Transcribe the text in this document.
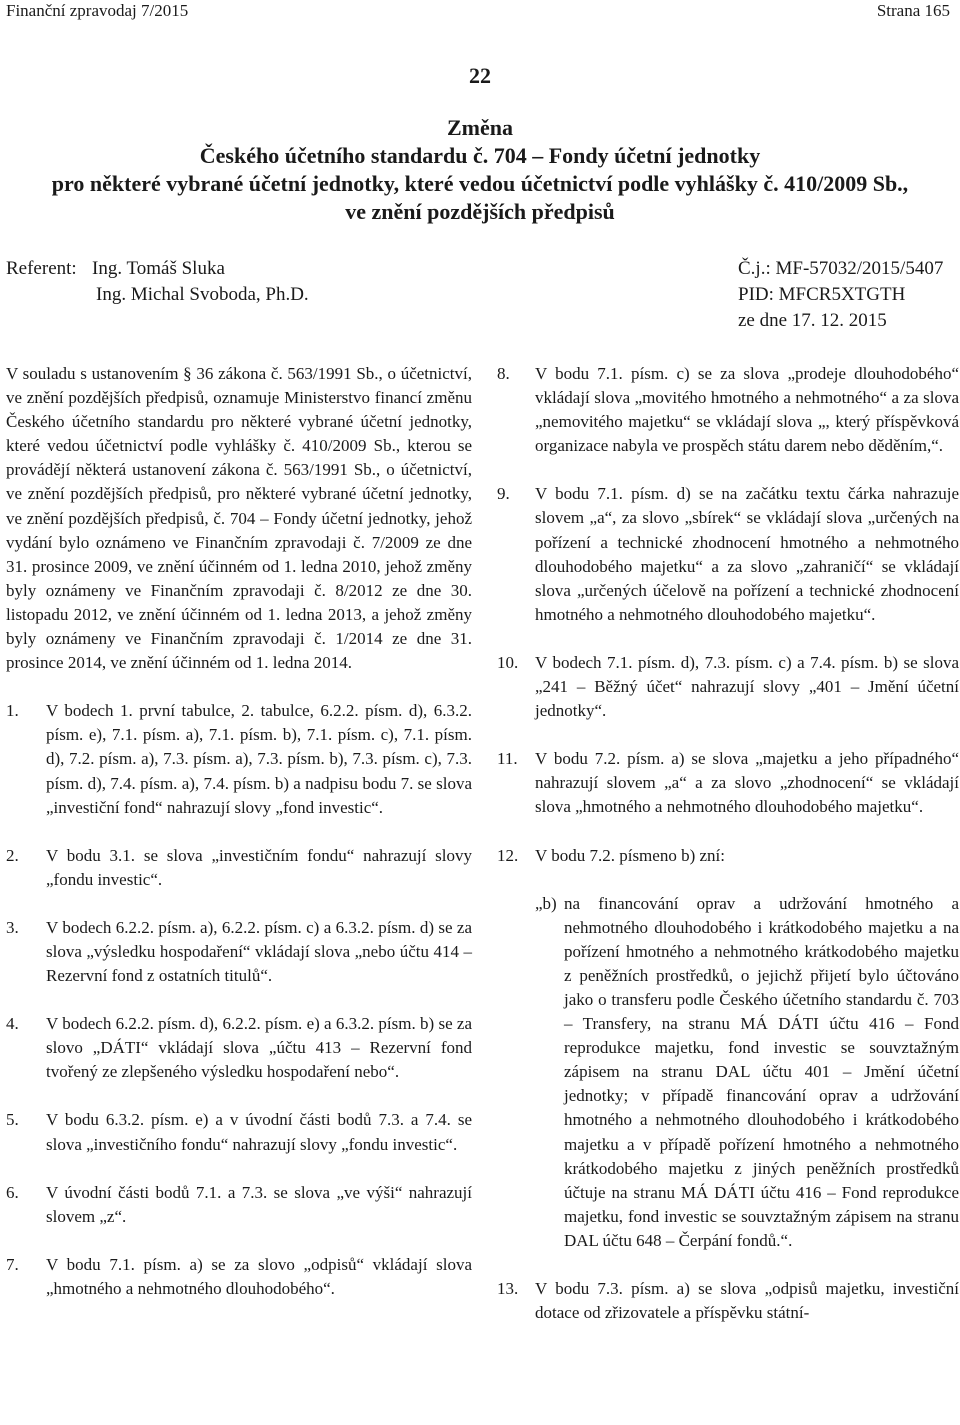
Finanční zpravodaj 7/2015	Strana 165
22
Změna
Českého účetního standardu č. 704 – Fondy účetní jednotky
pro některé vybrané účetní jednotky, které vedou účetnictví podle vyhlášky č. 410/2009 Sb.,
ve znění pozdějších předpisů
Referent: Ing. Tomáš Sluka
Ing. Michal Svoboda, Ph.D.
Č.j.: MF-57032/2015/5407
PID: MFCR5XTGTH
ze dne 17. 12. 2015

V souladu s ustanovením § 36 zákona č. 563/1991 Sb., o účetnictví, ve znění pozdějších předpisů, oznamuje Ministerstvo financí změnu Českého účetního standardu pro některé vybrané účetní jednotky, které vedou účetnictví podle vyhlášky č. 410/2009 Sb., kterou se provádějí některá ustanovení zákona č. 563/1991 Sb., o účetnictví, ve znění pozdějších předpisů, pro některé vybrané účetní jednotky, ve znění pozdějších předpisů, č. 704 – Fondy účetní jednotky, jehož vydání bylo oznámeno ve Finančním zpravodaji č. 7/2009 ze dne 31. prosince 2009, ve znění účinném od 1. ledna 2010, jehož změny byly oznámeny ve Finančním zpravodaji č. 8/2012 ze dne 30. listopadu 2012, ve znění účinném od 1. ledna 2013, a jehož změny byly oznámeny ve Finančním zpravodaji č. 1/2014 ze dne 31. prosince 2014, ve znění účinném od 1. ledna 2014.

1.	V bodech 1. první tabulce, 2. tabulce, 6.2.2. písm. d), 6.3.2. písm. e), 7.1. písm. a), 7.1. písm. b), 7.1. písm. c), 7.1. písm. d), 7.2. písm. a), 7.3. písm. a), 7.3. písm. b), 7.3. písm. c), 7.3. písm. d), 7.4. písm. a), 7.4. písm. b) a nadpisu bodu 7. se slova „investiční fond“ nahrazují slovy „fond investic“.
2.	V bodu 3.1. se slova „investičním fondu“ nahrazují slovy „fondu investic“.
3.	V bodech 6.2.2. písm. a), 6.2.2. písm. c) a 6.3.2. písm. d) se za slova „výsledku hospodaření“ vkládají slova „nebo účtu 414 – Rezervní fond z ostatních titulů“.
4.	V bodech 6.2.2. písm. d), 6.2.2. písm. e) a 6.3.2. písm. b) se za slovo „DÁTI“ vkládají slova „účtu 413 – Rezervní fond tvořený ze zlepšeného výsledku hospodaření nebo“.
5.	V bodu 6.3.2. písm. e) a v úvodní části bodů 7.3. a 7.4. se slova „investičního fondu“ nahrazují slovy „fondu investic“.
6.	V úvodní části bodů 7.1. a 7.3. se slova „ve výši“ nahrazují slovem „z“.
7.	V bodu 7.1. písm. a) se za slovo „odpisů“ vkládají slova „hmotného a nehmotného dlouhodobého“.
8.	V bodu 7.1. písm. c) se za slova „prodeje dlouhodobého“ vkládají slova „movitého hmotného a nehmotného“ a za slova „nemovitého majetku“ se vkládají slova „, který příspěvková organizace nabyla ve prospěch státu darem nebo děděním,“.
9.	V bodu 7.1. písm. d) se na začátku textu čárka nahrazuje slovem „a“, za slovo „sbírek“ se vkládají slova „určených na pořízení a technické zhodnocení hmotného a nehmotného dlouhodobého majetku“ a za slovo „zahraničí“ se vkládají slova „určených účelově na pořízení a technické zhodnocení hmotného a nehmotného dlouhodobého majetku“.
10. V bodech 7.1. písm. d), 7.3. písm. c) a 7.4. písm. b) se slova „241 – Běžný účet“ nahrazují slovy „401 – Jmění účetní jednotky“.
11.	V bodu 7.2. písm. a) se slova „majetku a jeho případného“ nahrazují slovem „a“ a za slovo „zhodnocení“ se vkládají slova „hmotného a nehmotného dlouhodobého majetku“.
12. V bodu 7.2. písmeno b) zní:
„b) na financování oprav a udržování hmotného a nehmotného dlouhodobého i krátkodobého majetku a na pořízení hmotného a nehmotného krátkodobého majetku z peněžních prostředků, o jejichž přijetí bylo účtováno jako o transferu podle Českého účetního standardu č. 703 – Transfery, na stranu MÁ DÁTI účtu 416 – Fond reprodukce majetku, fond investic se souvztažným zápisem na stranu DAL účtu 401 – Jmění účetní jednotky; v případě financování oprav a udržování hmotného a nehmotného dlouhodobého i krátkodobého majetku a v případě pořízení hmotného a nehmotného krátkodobého majetku z jiných peněžních prostředků účtuje na stranu MÁ DÁTI účtu 416 – Fond reprodukce majetku, fond investic se souvztažným zápisem na stranu DAL účtu 648 – Čerpání fondů.“.
13. V bodu 7.3. písm. a) se slova „odpisů majetku, investiční dotace od zřizovatele a příspěvku státní-
